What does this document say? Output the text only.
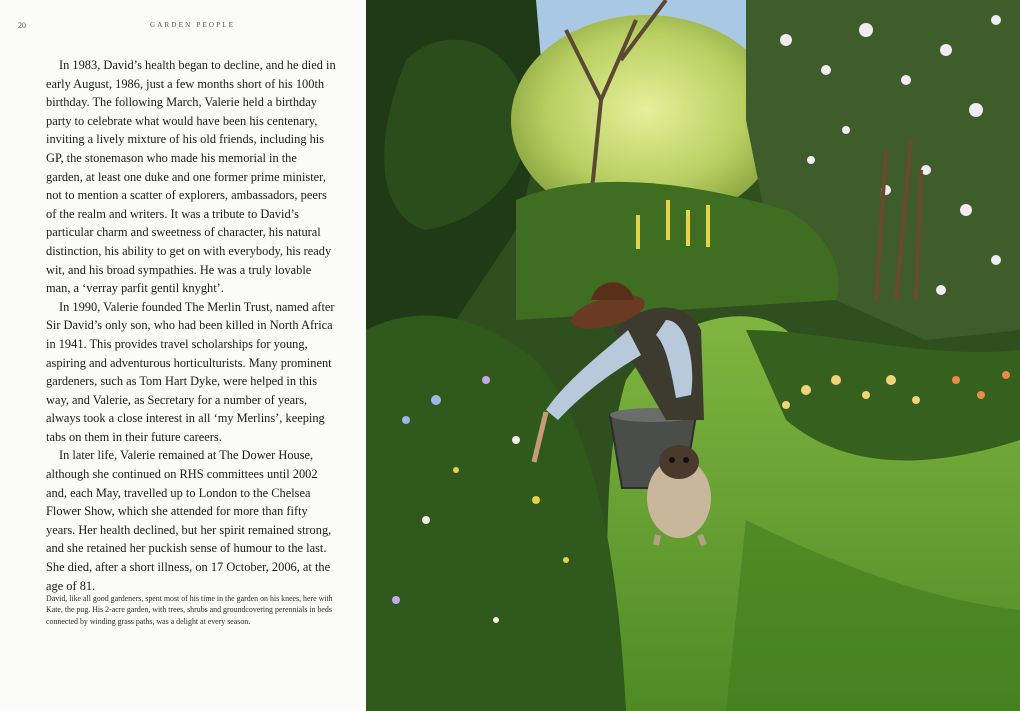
20	GARDEN PEOPLE

In 1983, David’s health began to decline, and he died in early August, 1986, just a few months short of his 100th birthday. The following March, Valerie held a birthday party to celebrate what would have been his centenary, inviting a lively mixture of his old friends, including his GP, the stonemason who made his memorial in the garden, at least one duke and one former prime minister, not to mention a scatter of explorers, ambassadors, peers of the realm and writers. It was a tribute to David’s particular charm and sweetness of character, his natural distinction, his ability to get on with everybody, his ready wit, and his broad sympathies. He was a truly lovable man, a ‘verray parfit gentil knyght’.

In 1990, Valerie founded The Merlin Trust, named after Sir David’s only son, who had been killed in North Africa in 1941. This provides travel scholarships for young, aspiring and adventurous horticulturists. Many prominent gardeners, such as Tom Hart Dyke, were helped in this way, and Valerie, as Secretary for a number of years, always took a close interest in all ‘my Merlins’, keeping tabs on them in their future careers.

In later life, Valerie remained at The Dower House, although she continued on RHS committees until 2002 and, each May, travelled up to London to the Chelsea Flower Show, which she attended for more than fifty years. Her health declined, but her spirit remained strong, and she retained her puckish sense of humour to the last. She died, after a short illness, on 17 October, 2006, at the age of 81.

David, like all good gardeners, spent most of his time in the garden on his knees, here with Kate, the pug. His 2-acre garden, with trees, shrubs and groundcovering perennials in beds connected by winding grass paths, was a delight at every season.
